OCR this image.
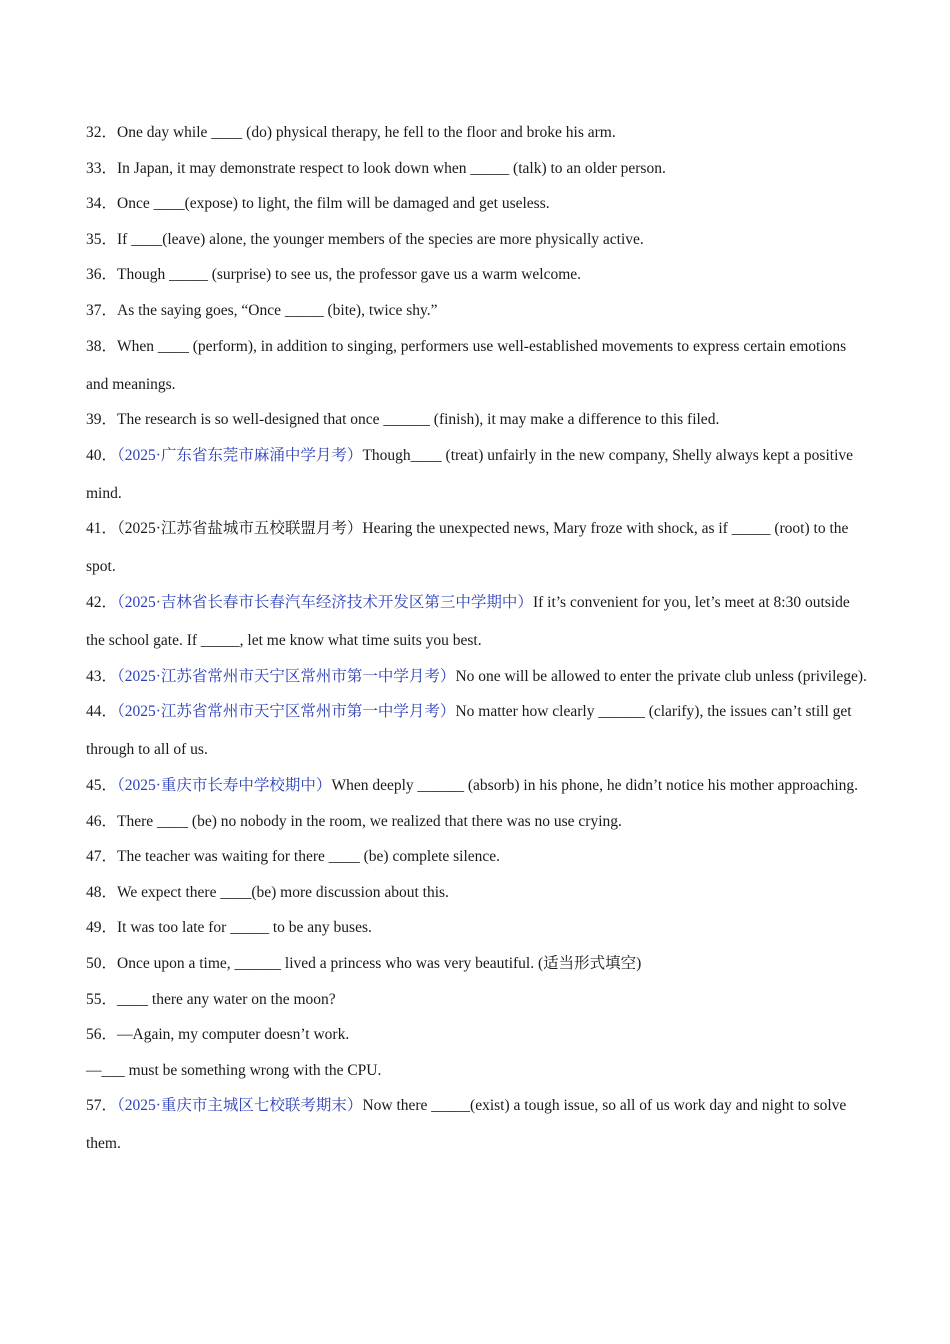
32．One day while ____ (do) physical therapy, he fell to the floor and broke his arm.
33．In Japan, it may demonstrate respect to look down when _____ (talk) to an older person.
34．Once ____(expose) to light, the film will be damaged and get useless.
35．If ____(leave) alone, the younger members of the species are more physically active.
36．Though _____ (surprise) to see us, the professor gave us a warm welcome.
37．As the saying goes, “Once _____ (bite), twice shy.”
38．When ____ (perform), in addition to singing, performers use well-established movements to express certain emotions and meanings.
39．The research is so well-designed that once ______ (finish), it may make a difference to this filed.
40．（2025·广东省东莞市麻涌中学月考）Though____ (treat) unfairly in the new company, Shelly always kept a positive mind.
41．（2025·江苏省盐城市五校联盟月考）Hearing the unexpected news, Mary froze with shock, as if _____ (root) to the spot.
42．（2025·吉林省长春市长春汽车经济技术开发区第三中学期中）If it’s convenient for you, let’s meet at 8:30 outside the school gate. If _____, let me know what time suits you best.
43．（2025·江苏省常州市天宁区常州市第一中学月考）No one will be allowed to enter the private club unless (privilege).
44．（2025·江苏省常州市天宁区常州市第一中学月考）No matter how clearly ______ (clarify), the issues can’t still get through to all of us.
45．（2025·重庆市长寿中学校期中）When deeply ______ (absorb) in his phone, he didn’t notice his mother approaching.
46．There ____ (be) no nobody in the room, we realized that there was no use crying.
47．The teacher was waiting for there ____ (be) complete silence.
48．We expect there ____(be) more discussion about this.
49．It was too late for _____ to be any buses.
50．Once upon a time, ______ lived a princess who was very beautiful. (适当形式填空)
55．____ there any water on the moon?
56．—Again, my computer doesn’t work.
—___ must be something wrong with the CPU.
57．（2025·重庆市主城区七校联考期末）Now there _____(exist) a tough issue, so all of us work day and night to solve them.
